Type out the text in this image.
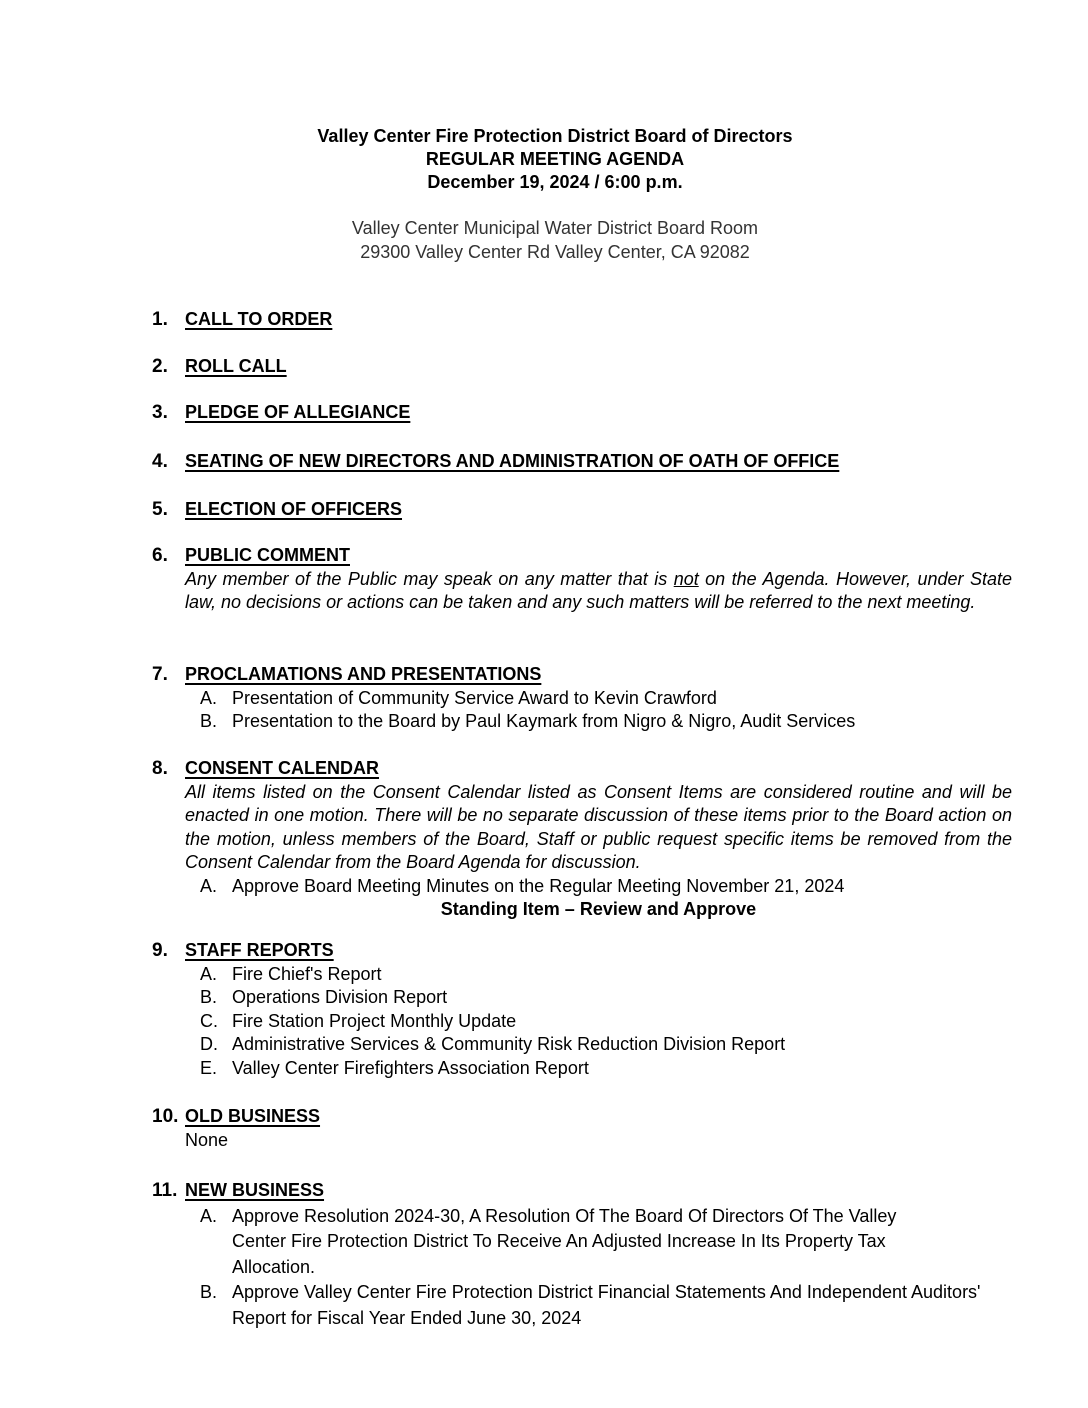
Valley Center Fire Protection District Board of Directors
REGULAR MEETING AGENDA
December 19, 2024 / 6:00 p.m.
Valley Center Municipal Water District Board Room
29300 Valley Center Rd Valley Center, CA 92082
1. CALL TO ORDER
2. ROLL CALL
3. PLEDGE OF ALLEGIANCE
4. SEATING OF NEW DIRECTORS AND ADMINISTRATION OF OATH OF OFFICE
5. ELECTION OF OFFICERS
6. PUBLIC COMMENT
Any member of the Public may speak on any matter that is not on the Agenda. However, under State law, no decisions or actions can be taken and any such matters will be referred to the next meeting.
7. PROCLAMATIONS AND PRESENTATIONS
A. Presentation of Community Service Award to Kevin Crawford
B. Presentation to the Board by Paul Kaymark from Nigro & Nigro, Audit Services
8. CONSENT CALENDAR
All items listed on the Consent Calendar listed as Consent Items are considered routine and will be enacted in one motion. There will be no separate discussion of these items prior to the Board action on the motion, unless members of the Board, Staff or public request specific items be removed from the Consent Calendar from the Board Agenda for discussion.
A. Approve Board Meeting Minutes on the Regular Meeting November 21, 2024
Standing Item – Review and Approve
9. STAFF REPORTS
A. Fire Chief's Report
B. Operations Division Report
C. Fire Station Project Monthly Update
D. Administrative Services & Community Risk Reduction Division Report
E. Valley Center Firefighters Association Report
10. OLD BUSINESS
None
11. NEW BUSINESS
A. Approve Resolution 2024-30, A Resolution Of The Board Of Directors Of The Valley Center Fire Protection District To Receive An Adjusted Increase In Its Property Tax Allocation.
B. Approve Valley Center Fire Protection District Financial Statements And Independent Auditors' Report for Fiscal Year Ended June 30, 2024
